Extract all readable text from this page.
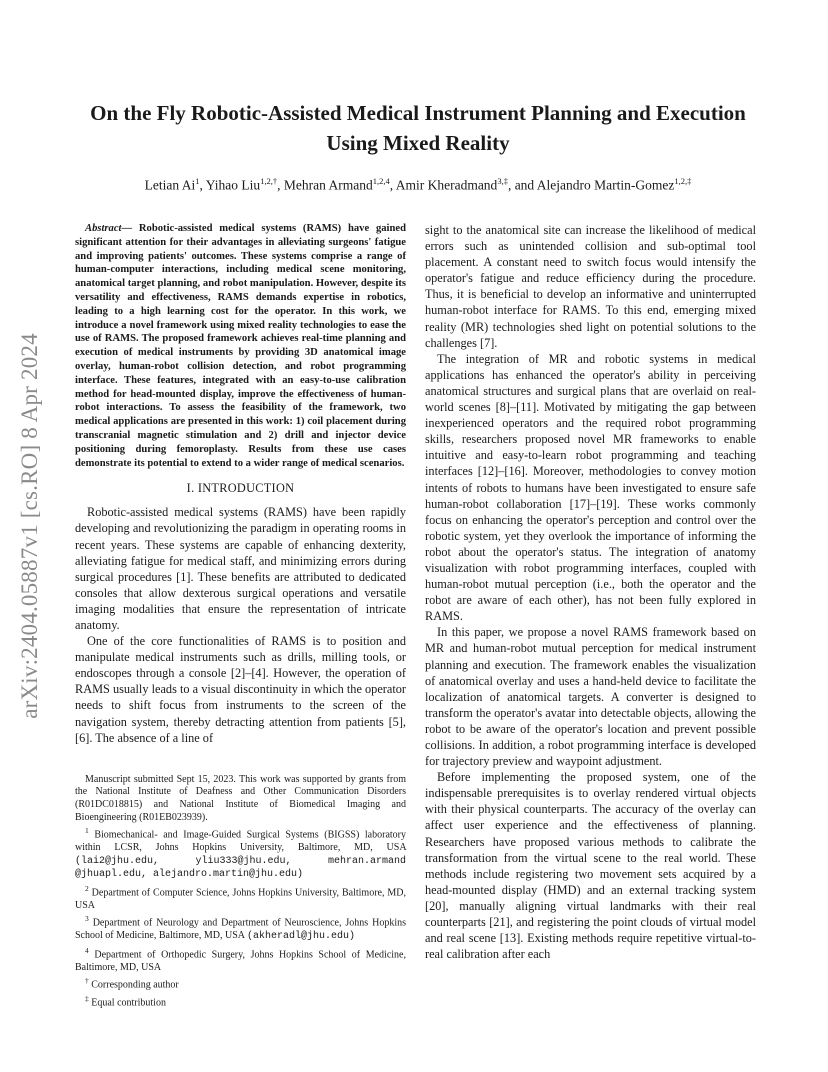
arXiv:2404.05887v1 [cs.RO] 8 Apr 2024
On the Fly Robotic-Assisted Medical Instrument Planning and Execution Using Mixed Reality
Letian Ai$^1$, Yihao Liu$^{1,2,\dagger}$, Mehran Armand$^{1,2,4}$, Amir Kheradmand$^{3,\ddagger}$, and Alejandro Martin-Gomez$^{1,2,\ddagger}$

Abstract— Robotic-assisted medical systems (RAMS) have gained significant attention for their advantages in alleviating surgeons' fatigue and improving patients' outcomes. These systems comprise a range of human-computer interactions, including medical scene monitoring, anatomical target planning, and robot manipulation. However, despite its versatility and effectiveness, RAMS demands expertise in robotics, leading to a high learning cost for the operator. In this work, we introduce a novel framework using mixed reality technologies to ease the use of RAMS. The proposed framework achieves real-time planning and execution of medical instruments by providing 3D anatomical image overlay, human-robot collision detection, and robot programming interface. These features, integrated with an easy-to-use calibration method for head-mounted display, improve the effectiveness of human-robot interactions. To assess the feasibility of the framework, two medical applications are presented in this work: 1) coil placement during transcranial magnetic stimulation and 2) drill and injector device positioning during femoroplasty. Results from these use cases demonstrate its potential to extend to a wider range of medical scenarios.

I. INTRODUCTION

Robotic-assisted medical systems (RAMS) have been rapidly developing and revolutionizing the paradigm in operating rooms in recent years. These systems are capable of enhancing dexterity, alleviating fatigue for medical staff, and minimizing errors during surgical procedures [1]. These benefits are attributed to dedicated consoles that allow dexterous surgical operations and versatile imaging modalities that ensure the representation of intricate anatomy.

One of the core functionalities of RAMS is to position and manipulate medical instruments such as drills, milling tools, or endoscopes through a console [2]–[4]. However, the operation of RAMS usually leads to a visual discontinuity in which the operator needs to shift focus from instruments to the screen of the navigation system, thereby detracting attention from patients [5], [6]. The absence of a line of

Manuscript submitted Sept 15, 2023. This work was supported by grants from the National Institute of Deafness and Other Communication Disorders (R01DC018815) and National Institute of Biomedical Imaging and Bioengineering (R01EB023939).

$^1$ Biomechanical- and Image-Guided Surgical Systems (BIGSS) laboratory within LCSR, Johns Hopkins University, Baltimore, MD, USA (lai2@jhu.edu, yliu333@jhu.edu, mehran.armand @jhuapl.edu, alejandro.martin@jhu.edu)

$^2$ Department of Computer Science, Johns Hopkins University, Baltimore, MD, USA

$^3$ Department of Neurology and Department of Neuroscience, Johns Hopkins School of Medicine, Baltimore, MD, USA (akheradl@jhu.edu)

$^4$ Department of Orthopedic Surgery, Johns Hopkins School of Medicine, Baltimore, MD, USA

† Corresponding author

‡ Equal contribution

sight to the anatomical site can increase the likelihood of medical errors such as unintended collision and sub-optimal tool placement. A constant need to switch focus would intensify the operator's fatigue and reduce efficiency during the procedure. Thus, it is beneficial to develop an informative and uninterrupted human-robot interface for RAMS. To this end, emerging mixed reality (MR) technologies shed light on potential solutions to the challenges [7].

The integration of MR and robotic systems in medical applications has enhanced the operator's ability in perceiving anatomical structures and surgical plans that are overlaid on real-world scenes [8]–[11]. Motivated by mitigating the gap between inexperienced operators and the required robot programming skills, researchers proposed novel MR frameworks to enable intuitive and easy-to-learn robot programming and teaching interfaces [12]–[16]. Moreover, methodologies to convey motion intents of robots to humans have been investigated to ensure safe human-robot collaboration [17]–[19]. These works commonly focus on enhancing the operator's perception and control over the robotic system, yet they overlook the importance of informing the robot about the operator's status. The integration of anatomy visualization with robot programming interfaces, coupled with human-robot mutual perception (i.e., both the operator and the robot are aware of each other), has not been fully explored in RAMS.

In this paper, we propose a novel RAMS framework based on MR and human-robot mutual perception for medical instrument planning and execution. The framework enables the visualization of anatomical overlay and uses a hand-held device to facilitate the localization of anatomical targets. A converter is designed to transform the operator's avatar into detectable objects, allowing the robot to be aware of the operator's location and prevent possible collisions. In addition, a robot programming interface is developed for trajectory preview and waypoint adjustment.

Before implementing the proposed system, one of the indispensable prerequisites is to overlay rendered virtual objects with their physical counterparts. The accuracy of the overlay can affect user experience and the effectiveness of planning. Researchers have proposed various methods to calibrate the transformation from the virtual scene to the real world. These methods include registering two movement sets acquired by a head-mounted display (HMD) and an external tracking system [20], manually aligning virtual landmarks with their real counterparts [21], and registering the point clouds of virtual model and real scene [13]. Existing methods require repetitive virtual-to-real calibration after each
